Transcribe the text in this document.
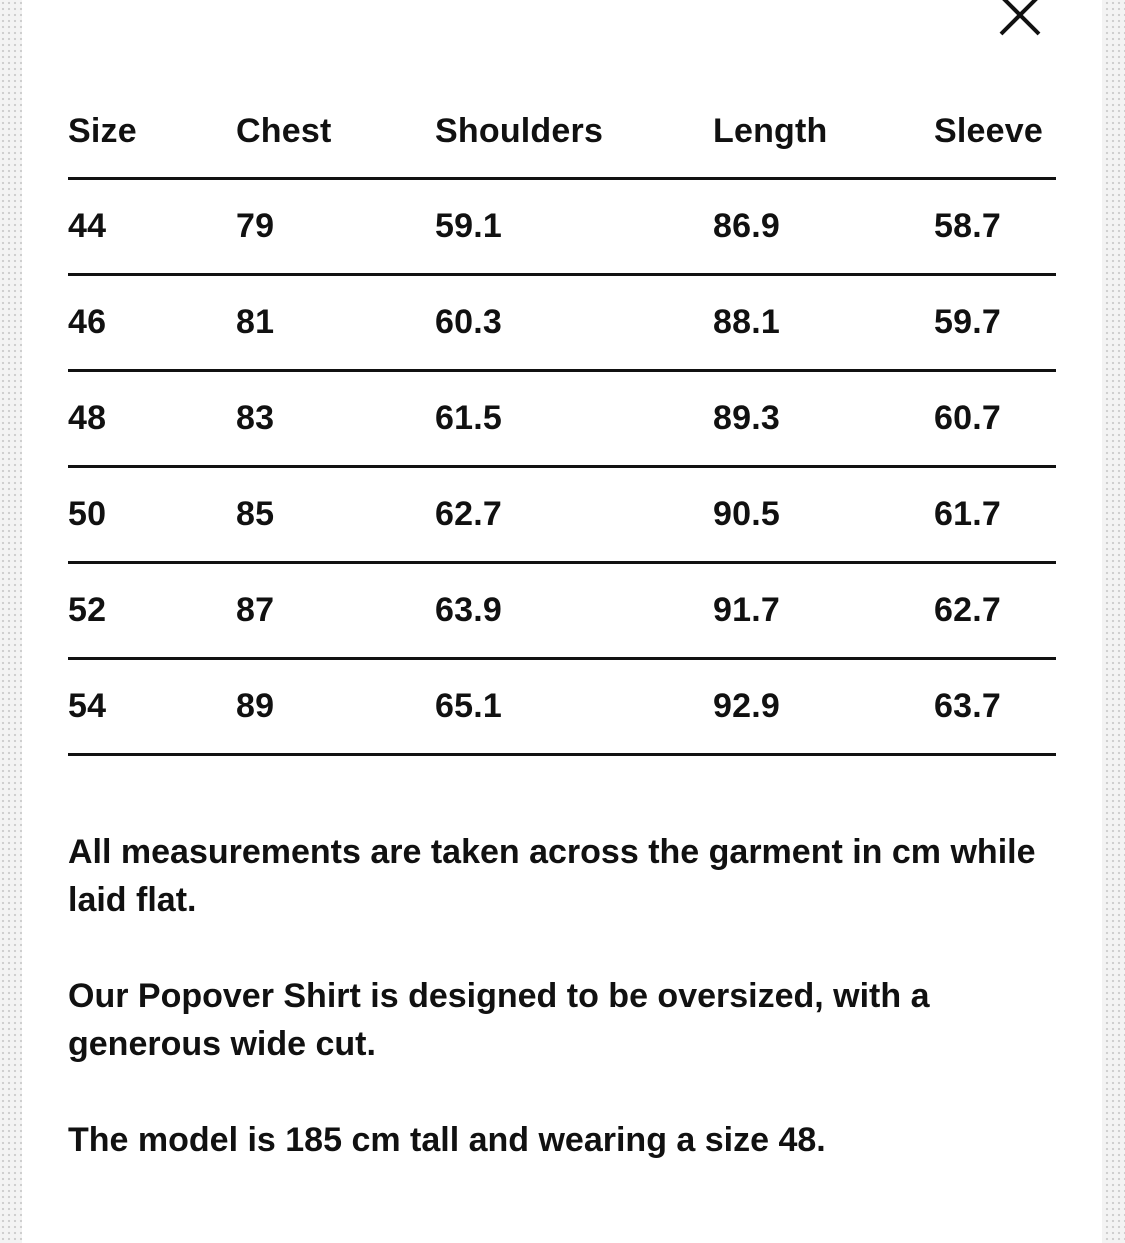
Size	Chest	Shoulders	Length	Sleeve
44	79	59.1	86.9	58.7
46	81	60.3	88.1	59.7
48	83	61.5	89.3	60.7
50	85	62.7	90.5	61.7
52	87	63.9	91.7	62.7
54	89	65.1	92.9	63.7

All measurements are taken across the garment in cm while laid flat.

Our Popover Shirt is designed to be oversized, with a generous wide cut.

The model is 185 cm tall and wearing a size 48.
